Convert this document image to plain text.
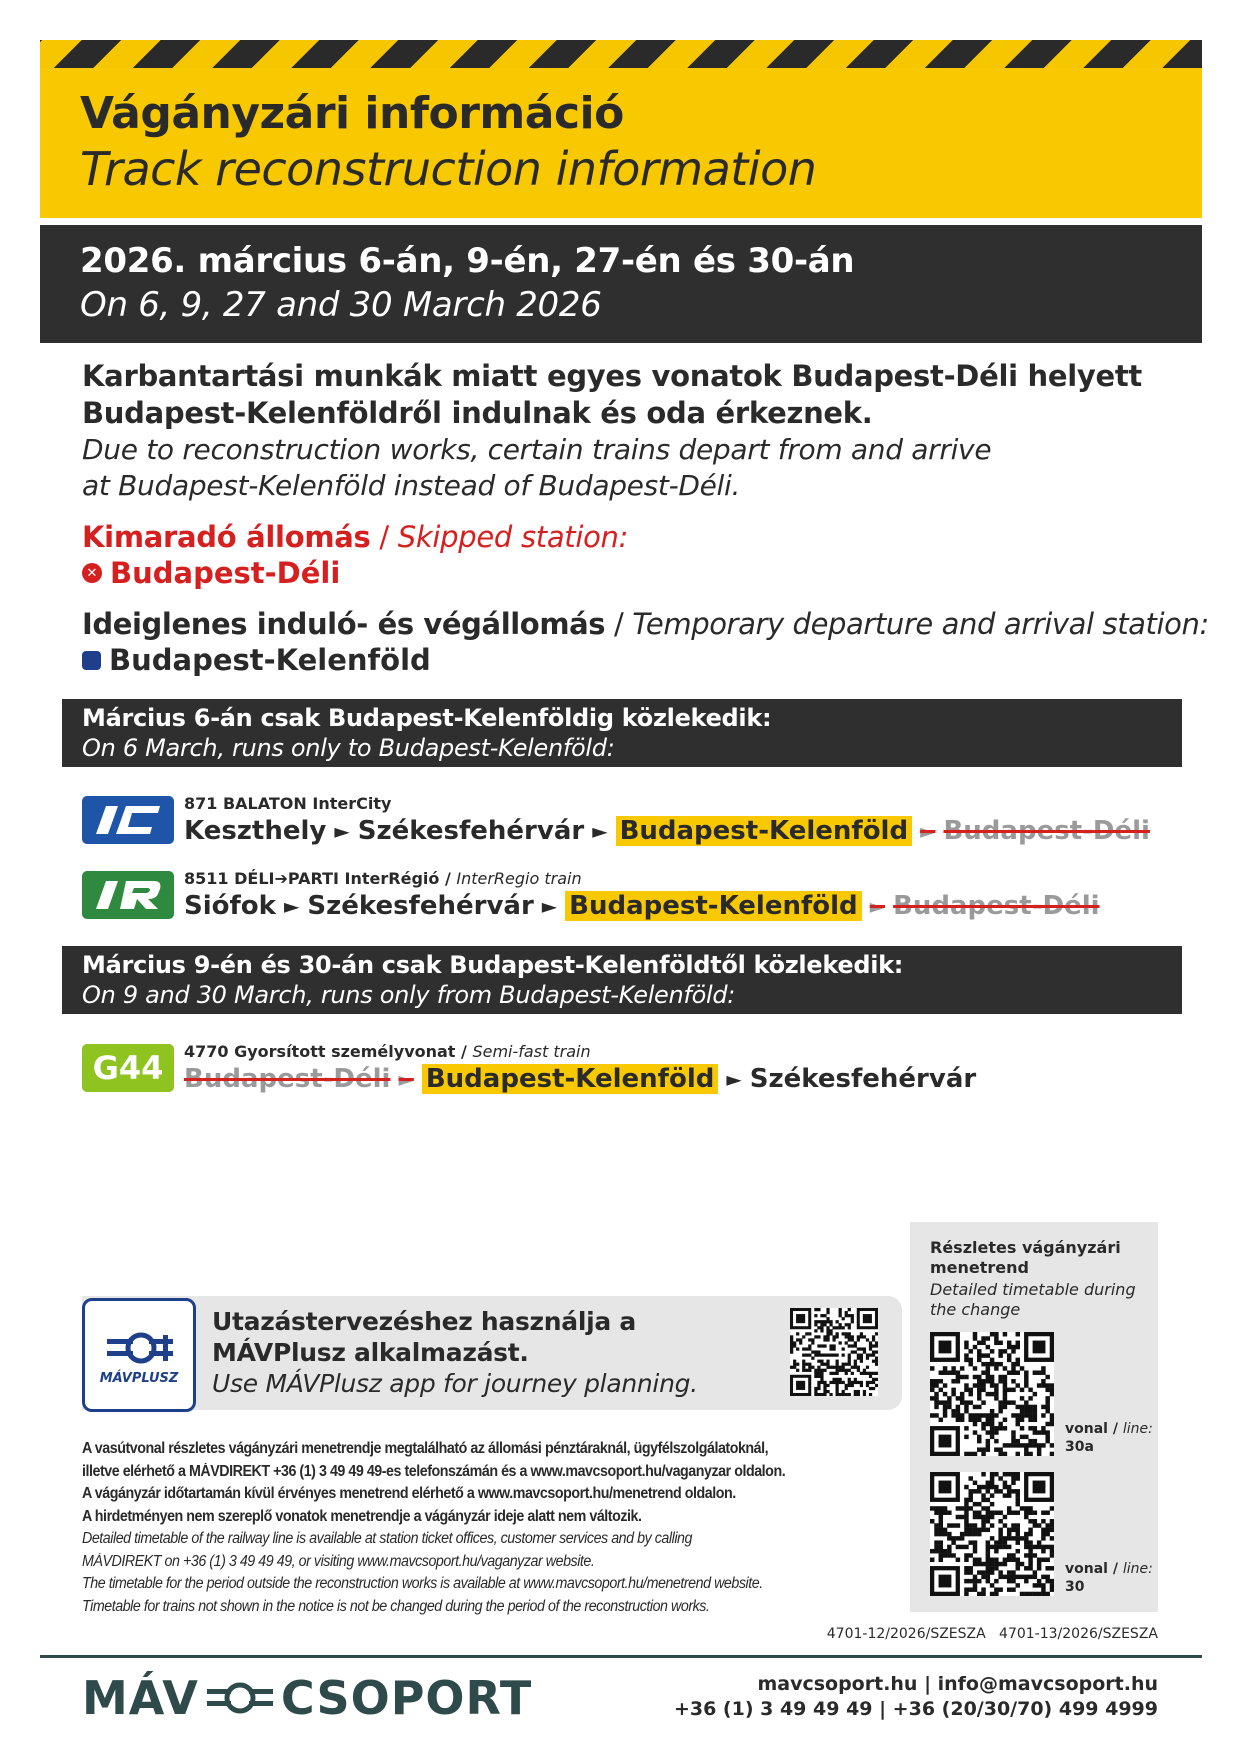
Vágányzári információ
Track reconstruction information
2026. március 6-án, 9-én, 27-én és 30-án
On 6, 9, 27 and 30 March 2026
Karbantartási munkák miatt egyes vonatok Budapest-Déli helyett
Budapest-Kelenföldről indulnak és oda érkeznek.
Due to reconstruction works, certain trains depart from and arrive
at Budapest-Kelenföld instead of Budapest-Déli.
Kimaradó állomás / Skipped station:
✕ Budapest-Déli
Ideiglenes induló- és végállomás / Temporary departure and arrival station:
Budapest-Kelenföld
Március 6-án csak Budapest-Kelenföldig közlekedik:
On 6 March, runs only to Budapest-Kelenföld:
871 BALATON InterCity
Keszthely ► Székesfehérvár ► Budapest-Kelenföld ► Budapest-Déli
8511 DÉLI➔PARTI InterRégió / InterRegio train
Siófok ► Székesfehérvár ► Budapest-Kelenföld ► Budapest-Déli
Március 9-én és 30-án csak Budapest-Kelenföldtől közlekedik:
On 9 and 30 March, runs only from Budapest-Kelenföld:
G44	4770 Gyorsított személyvonat / Semi-fast train
Budapest-Déli ► Budapest-Kelenföld ► Székesfehérvár
MÁVPLUSZ
Utazástervezéshez használja a
MÁVPlusz alkalmazást.
Use MÁVPlusz app for journey planning.
Részletes vágányzári menetrend
Detailed timetable during the change
vonal / line:
30a
vonal / line:
30
A vasútvonal részletes vágányzári menetrendje megtalálható az állomási pénztáraknál, ügyfélszolgálatoknál,
illetve elérhető a MÁVDIREKT +36 (1) 3 49 49 49-es telefonszámán és a www.mavcsoport.hu/vaganyzar oldalon.
A vágányzár időtartamán kívül érvényes menetrend elérhető a www.mavcsoport.hu/menetrend oldalon.
A hirdetményen nem szereplő vonatok menetrendje a vágányzár ideje alatt nem változik.
Detailed timetable of the railway line is available at station ticket offices, customer services and by calling
MÁVDIREKT on +36 (1) 3 49 49 49, or visiting www.mavcsoport.hu/vaganyzar website.
The timetable for the period outside the reconstruction works is available at www.mavcsoport.hu/menetrend website.
Timetable for trains not shown in the notice is not be changed during the period of the reconstruction works.
4701-12/2026/SZESZA   4701-13/2026/SZESZA
MÁV CSOPORT	mavcsoport.hu | info@mavcsoport.hu
+36 (1) 3 49 49 49 | +36 (20/30/70) 499 4999
